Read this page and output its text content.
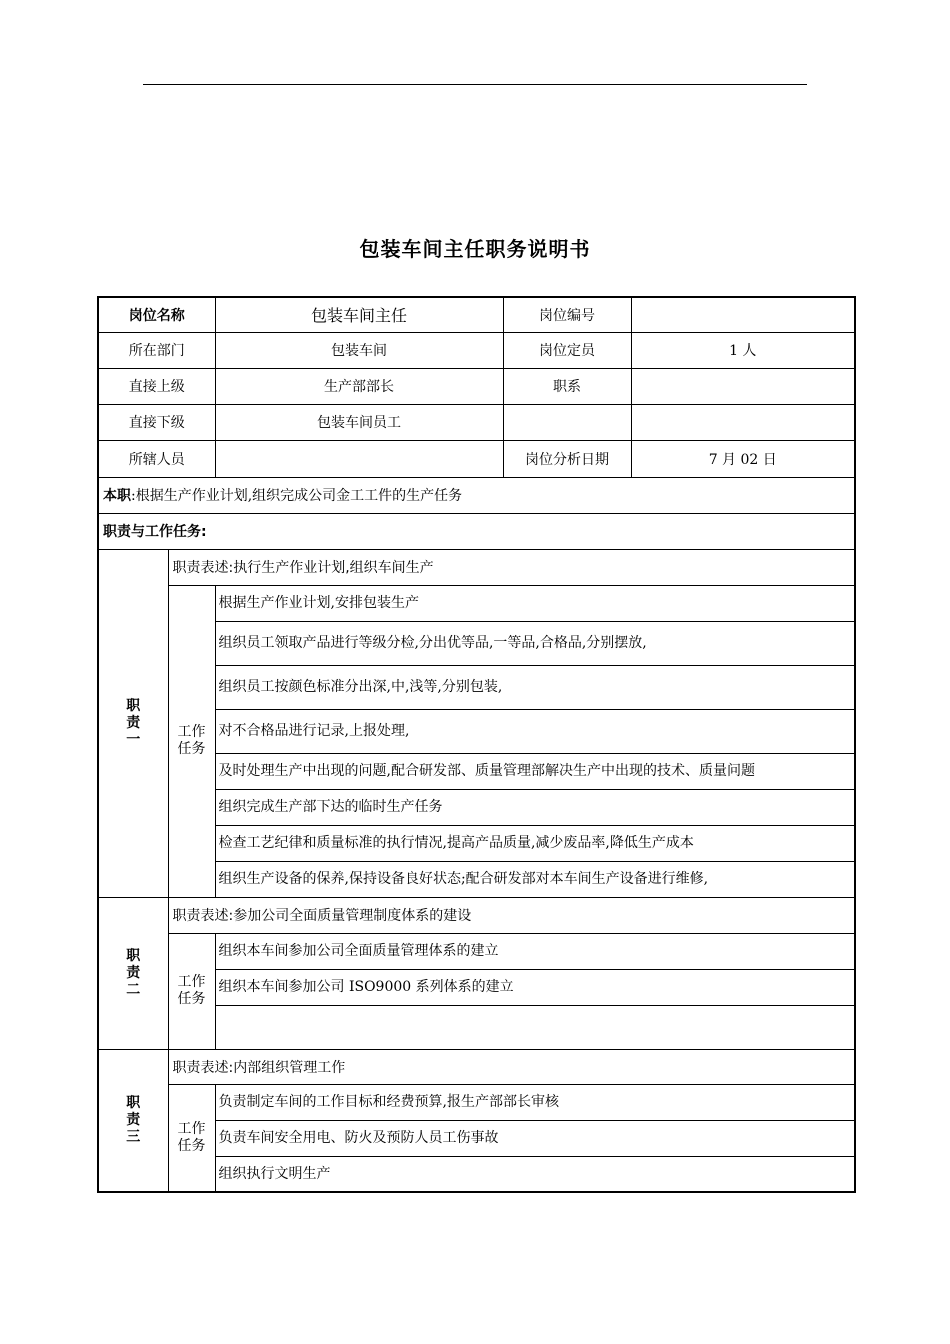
包装车间主任职务说明书
岗位名称		包装车间主任	岗位编号	
所在部门		包装车间	岗位定员	1 人
直接上级		生产部部长	职系	
直接下级		包装车间员工		
所辖人员			岗位分析日期	7 月 02 日
本职:根据生产作业计划,组织完成公司金工工件的生产任务				
职责与工作任务:				

职
责
一	职责表述:执行生产作业计划,组织车间生产			

	工作
任务	根据生产作业计划,安排包装生产		
		组织员工领取产品进行等级分检,分出优等品,一等品,合格品,分别摆放,		
		组织员工按颜色标准分出深,中,浅等,分别包装,		
		对不合格品进行记录,上报处理,		
		及时处理生产中出现的问题,配合研发部、质量管理部解决生产中出现的技术、质量问题		
		组织完成生产部下达的临时生产任务		
		检查工艺纪律和质量标准的执行情况,提高产品质量,减少废品率,降低生产成本		
		组织生产设备的保养,保持设备良好状态;配合研发部对本车间生产设备进行维修,		

职
责
二	职责表述:参加公司全面质量管理制度体系的建设			

	工作
任务	组织本车间参加公司全面质量管理体系的建立		
		组织本车间参加公司 ISO9000 系列体系的建立		

职
责
三	职责表述:内部组织管理工作			

	工作
任务	负责制定车间的工作目标和经费预算,报生产部部长审核		
		负责车间安全用电、防火及预防人员工伤事故		
		组织执行文明生产		
